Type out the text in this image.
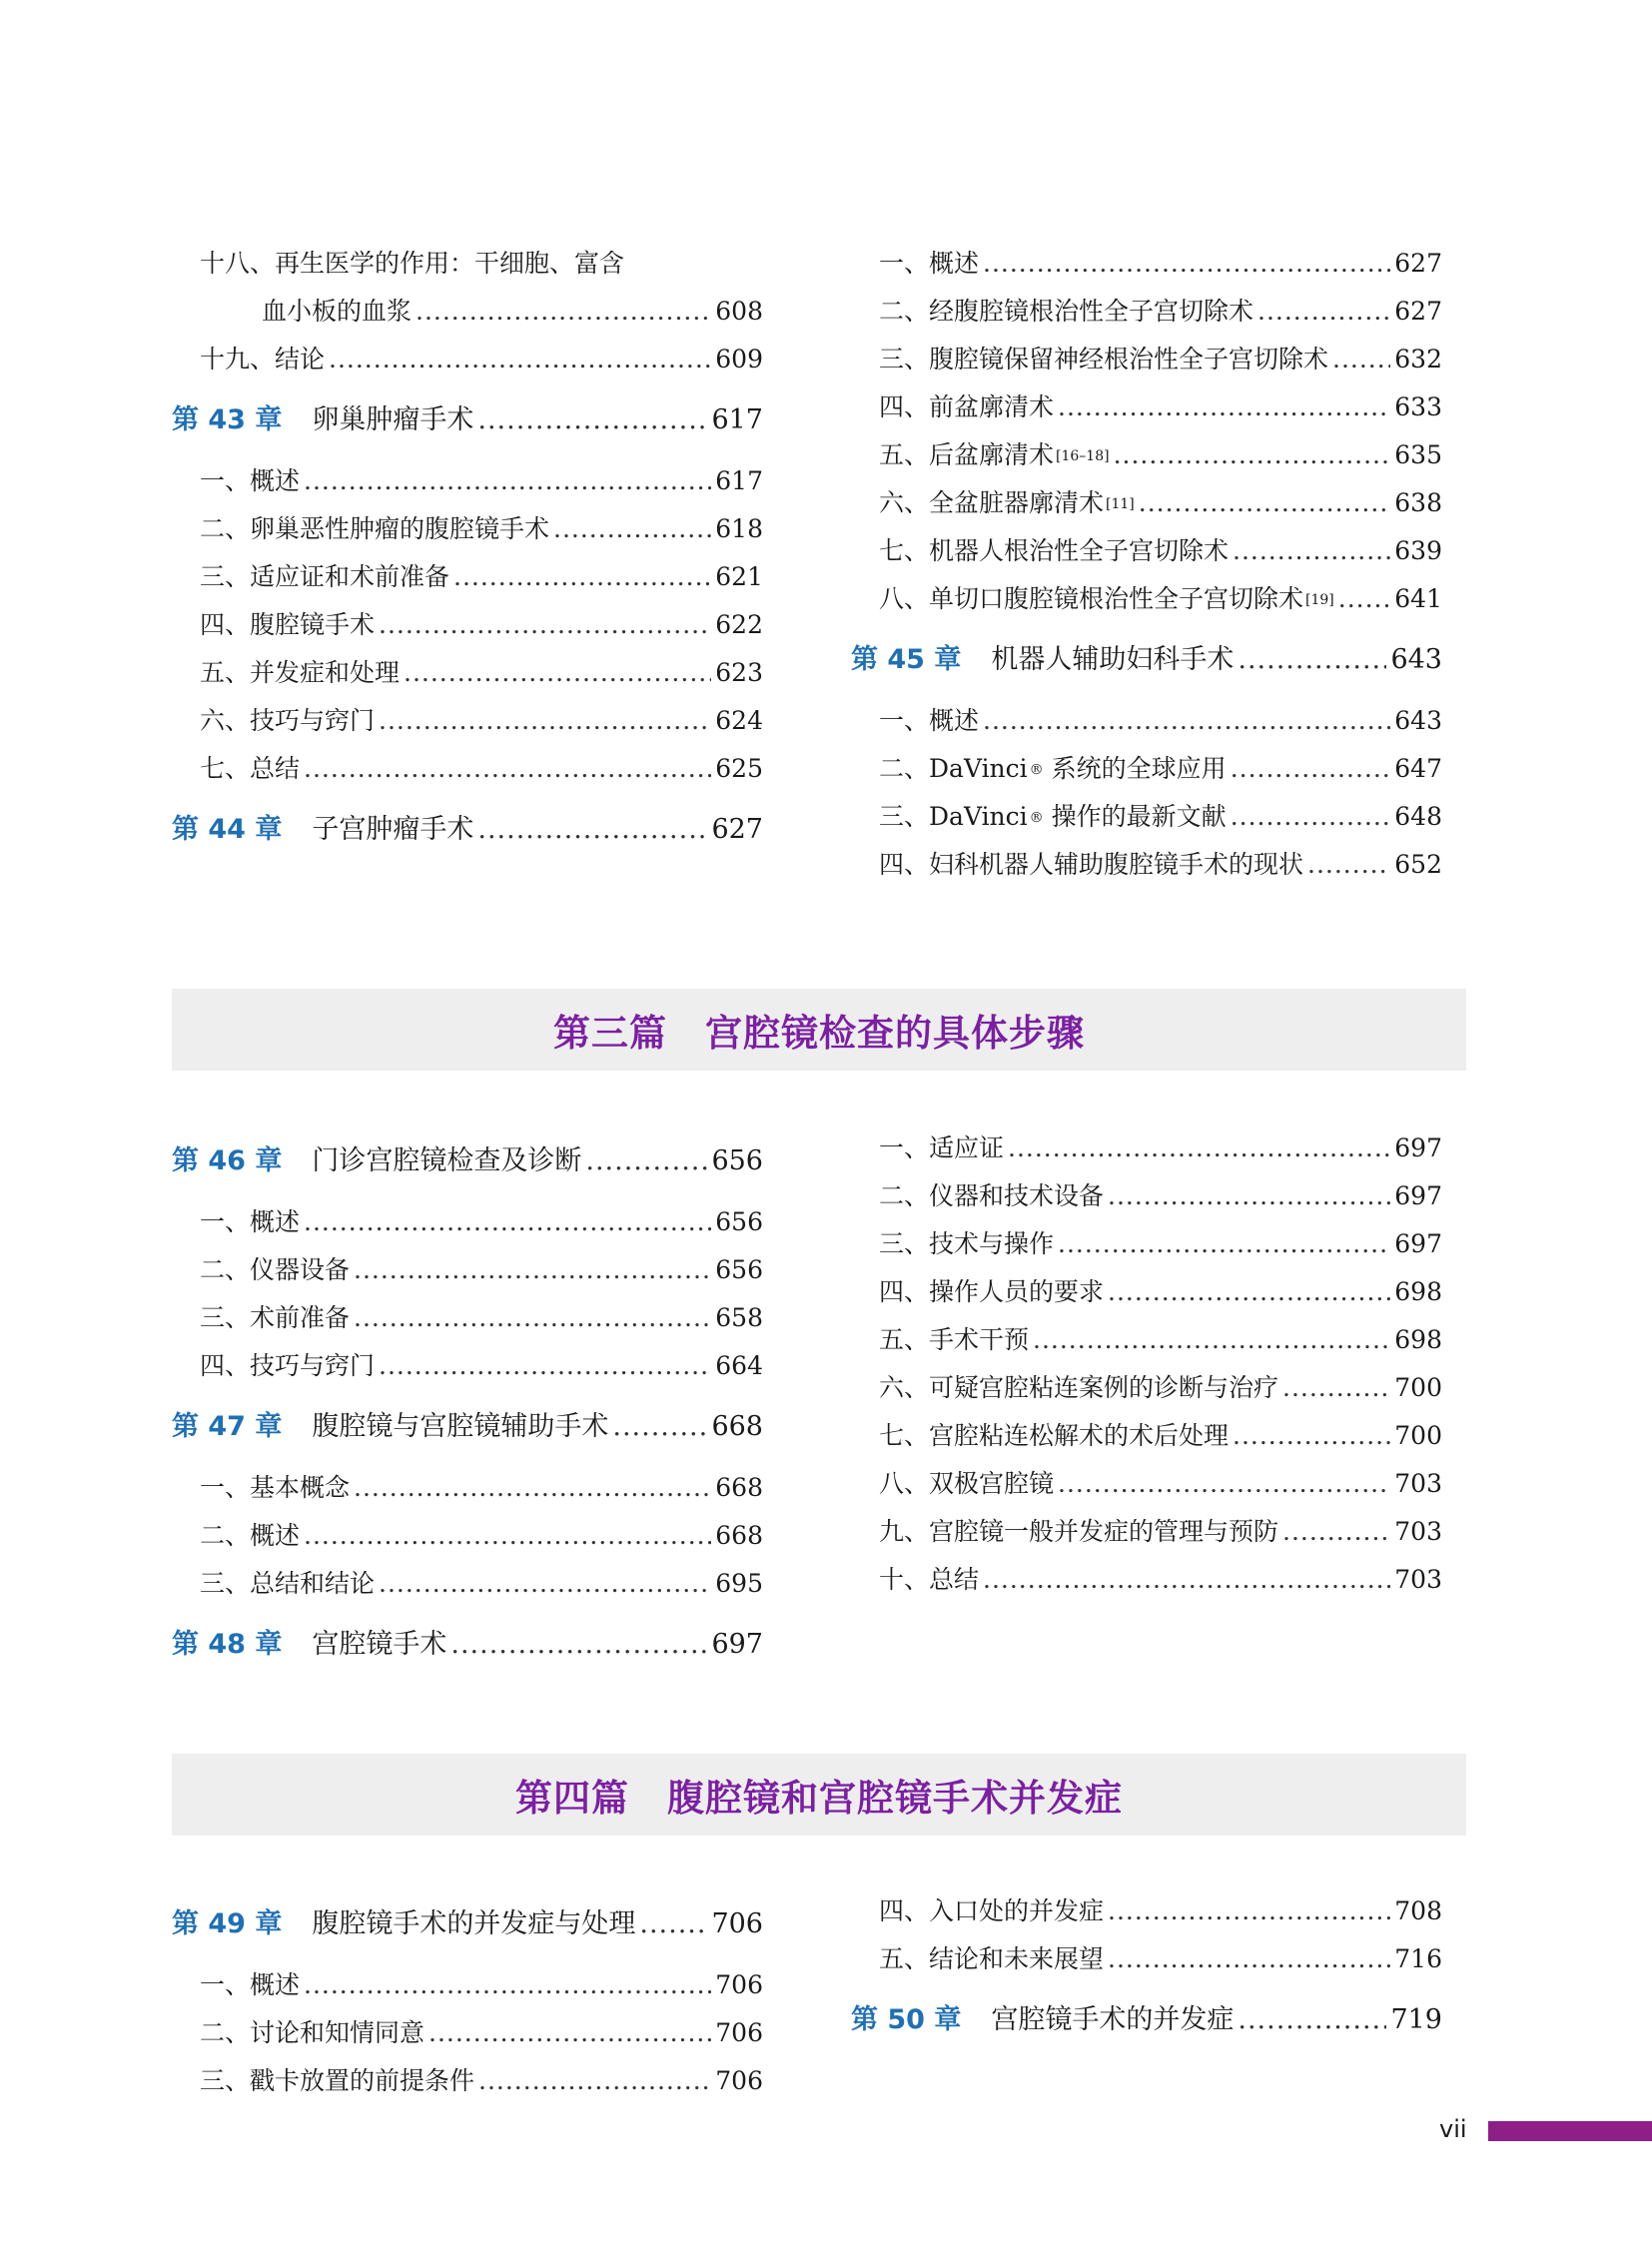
十八、再生医学的作用：干细胞、富含
血小板的血浆 .....	608
十九、结论 .....	609
第 43 章 卵巢肿瘤手术 .....	617
一、概述 .....	617
二、卵巢恶性肿瘤的腹腔镜手术 .....	618
三、适应证和术前准备 .....	621
四、腹腔镜手术 .....	622
五、并发症和处理 .....	623
六、技巧与窍门 .....	624
七、总结 .....	625
第 44 章 子宫肿瘤手术 .....	627
一、概述 .....	627
二、经腹腔镜根治性全子宫切除术 .....	627
三、腹腔镜保留神经根治性全子宫切除术 .....	632
四、前盆廓清术 .....	633
五、后盆廓清术[16–18] .....	635
六、全盆脏器廓清术[11] .....	638
七、机器人根治性全子宫切除术 .....	639
八、单切口腹腔镜根治性全子宫切除术[19] ..... 641
第 45 章 机器人辅助妇科手术 .....	643
一、概述 .....	643
二、DaVinci® 系统的全球应用 .....	647
三、DaVinci® 操作的最新文献 .....	648
四、妇科机器人辅助腹腔镜手术的现状 .....	652
第三篇　宫腔镜检查的具体步骤
第 46 章 门诊宫腔镜检查及诊断 .....	656
一、概述 .....	656
二、仪器设备 .....	656
三、术前准备 .....	658
四、技巧与窍门 .....	664
第 47 章 腹腔镜与宫腔镜辅助手术 .....	668
一、基本概念 .....	668
二、概述 .....	668
三、总结和结论 .....	695
第 48 章 宫腔镜手术 .....	697
一、适应证 .....	697
二、仪器和技术设备 .....	697
三、技术与操作 .....	697
四、操作人员的要求 .....	698
五、手术干预 .....	698
六、可疑宫腔粘连案例的诊断与治疗 .....	700
七、宫腔粘连松解术的术后处理 .....	700
八、双极宫腔镜 .....	703
九、宫腔镜一般并发症的管理与预防 .....	703
十、总结 .....	703
第四篇　腹腔镜和宫腔镜手术并发症
第 49 章 腹腔镜手术的并发症与处理 .....	706
一、概述 .....	706
二、讨论和知情同意 .....	706
三、戳卡放置的前提条件 .....	706
四、入口处的并发症 .....	708
五、结论和未来展望 .....	716
第 50 章 宫腔镜手术的并发症 .....	719
vii
